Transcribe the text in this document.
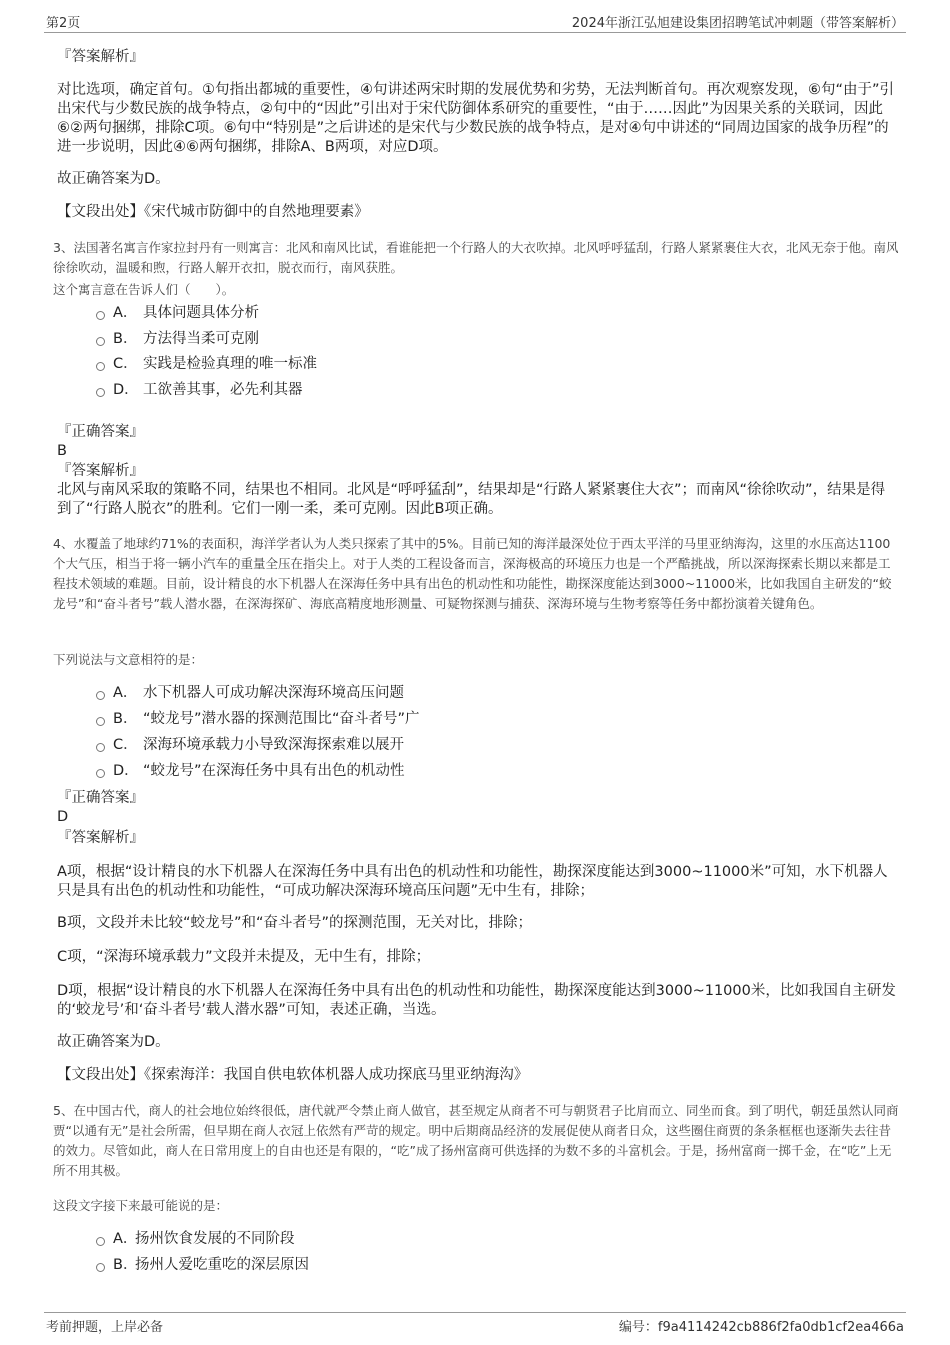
第2页	2024年浙江弘旭建设集团招聘笔试冲刺题（带答案解析）
『答案解析』
对比选项，确定首句。①句指出都城的重要性，④句讲述两宋时期的发展优势和劣势，无法判断首句。再次观察发现，⑥句“由于”引出宋代与少数民族的战争特点，②句中的“因此”引出对于宋代防御体系研究的重要性，“由于……因此”为因果关系的关联词，因此⑥②两句捆绑，排除C项。⑥句中“特别是”之后讲述的是宋代与少数民族的战争特点，是对④句中讲述的“同周边国家的战争历程”的进一步说明，因此④⑥两句捆绑，排除A、B两项，对应D项。
故正确答案为D。
【文段出处】《宋代城市防御中的自然地理要素》
3、法国著名寓言作家拉封丹有一则寓言：北风和南风比试，看谁能把一个行路人的大衣吹掉。北风呼呼猛刮，行路人紧紧裹住大衣，北风无奈于他。南风徐徐吹动，温暖和煦，行路人解开衣扣，脱衣而行，南风获胜。
这个寓言意在告诉人们（　　）。
A． 具体问题具体分析
B． 方法得当柔可克刚
C． 实践是检验真理的唯一标准
D． 工欲善其事，必先利其器
『正确答案』
B
『答案解析』
北风与南风采取的策略不同，结果也不相同。北风是“呼呼猛刮”，结果却是“行路人紧紧裹住大衣”；而南风“徐徐吹动”，结果是得到了“行路人脱衣”的胜利。它们一刚一柔，柔可克刚。因此B项正确。
4、水覆盖了地球约71%的表面积，海洋学者认为人类只探索了其中的5%。目前已知的海洋最深处位于西太平洋的马里亚纳海沟，这里的水压高达1100个大气压，相当于将一辆小汽车的重量全压在指尖上。对于人类的工程设备而言，深海极高的环境压力也是一个严酷挑战，所以深海探索长期以来都是工程技术领域的难题。目前，设计精良的水下机器人在深海任务中具有出色的机动性和功能性，勘探深度能达到3000~11000米，比如我国自主研发的“蛟龙号”和“奋斗者号”载人潜水器，在深海探矿、海底高精度地形测量、可疑物探测与捕获、深海环境与生物考察等任务中都扮演着关键角色。
下列说法与文意相符的是：
A． 水下机器人可成功解决深海环境高压问题
B． “蛟龙号”潜水器的探测范围比“奋斗者号”广
C． 深海环境承载力小导致深海探索难以展开
D． “蛟龙号”在深海任务中具有出色的机动性
『正确答案』
D
『答案解析』
A项，根据“设计精良的水下机器人在深海任务中具有出色的机动性和功能性，勘探深度能达到3000~11000米”可知，水下机器人只是具有出色的机动性和功能性，“可成功解决深海环境高压问题”无中生有，排除；
B项，文段并未比较“蛟龙号”和“奋斗者号”的探测范围，无关对比，排除；
C项，“深海环境承载力”文段并未提及，无中生有，排除；
D项，根据“设计精良的水下机器人在深海任务中具有出色的机动性和功能性，勘探深度能达到3000~11000米，比如我国自主研发的‘蛟龙号’和‘奋斗者号’载人潜水器”可知，表述正确，当选。
故正确答案为D。
【文段出处】《探索海洋：我国自供电软体机器人成功探底马里亚纳海沟》
5、在中国古代，商人的社会地位始终很低，唐代就严令禁止商人做官，甚至规定从商者不可与朝贤君子比肩而立、同坐而食。到了明代，朝廷虽然认同商贾“以通有无”是社会所需，但早期在商人衣冠上依然有严苛的规定。明中后期商品经济的发展促使从商者日众，这些圈住商贾的条条框框也逐渐失去往昔的效力。尽管如此，商人在日常用度上的自由也还是有限的，“吃”成了扬州富商可供选择的为数不多的斗富机会。于是，扬州富商一掷千金，在“吃”上无所不用其极。
这段文字接下来最可能说的是：
A．
扬州饮食发展的不同阶段
B．
扬州人爱吃重吃的深层原因
考前押题，上岸必备	编号：f9a4114242cb886f2fa0db1cf2ea466a
